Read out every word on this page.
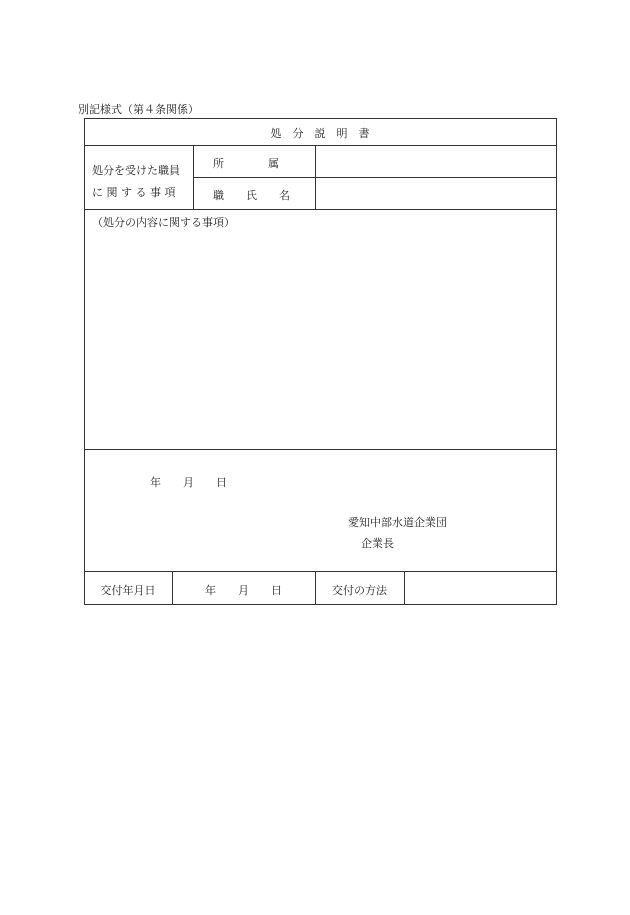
別記様式（第４条関係）
処　分　説　明　書
処分を受けた職員
に 関 す る 事 項
所　　　　属
職　　氏　　名
（処分の内容に関する事項）
年　　月　　日
愛知中部水道企業団
企業長
交付年月日	年　　月　　日	交付の方法
